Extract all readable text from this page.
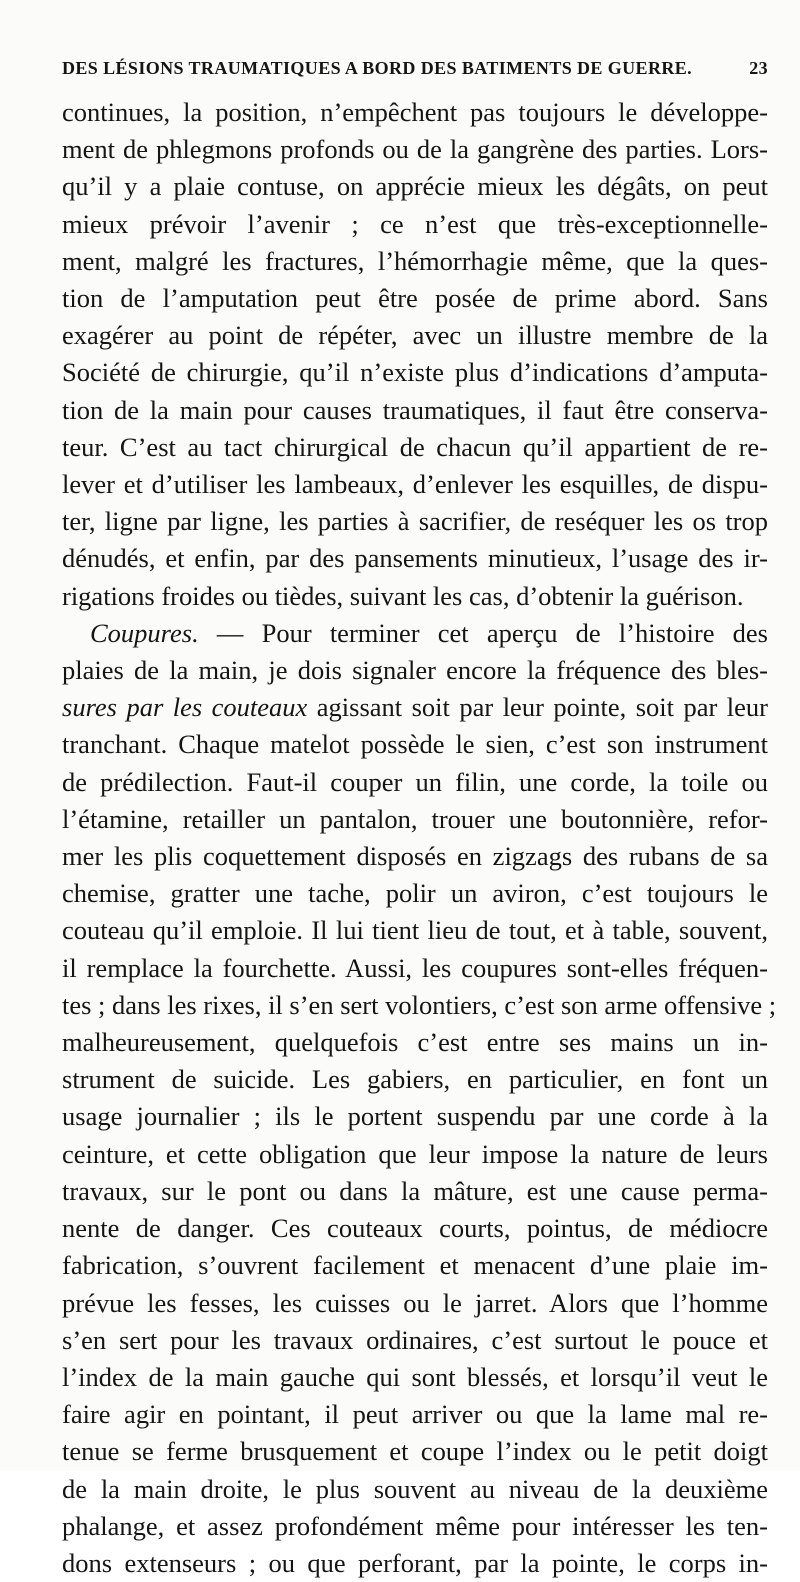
DES LÉSIONS TRAUMATIQUES A BORD DES BATIMENTS DE GUERRE.	23
continues, la position, n’empêchent pas toujours le développe-
ment de phlegmons profonds ou de la gangrène des parties. Lors-
qu’il y a plaie contuse, on apprécie mieux les dégâts, on peut
mieux prévoir l’avenir ; ce n’est que très-exceptionnelle-
ment, malgré les fractures, l’hémorrhagie même, que la ques-
tion de l’amputation peut être posée de prime abord. Sans
exagérer au point de répéter, avec un illustre membre de la
Société de chirurgie, qu’il n’existe plus d’indications d’amputa-
tion de la main pour causes traumatiques, il faut être conserva-
teur. C’est au tact chirurgical de chacun qu’il appartient de re-
lever et d’utiliser les lambeaux, d’enlever les esquilles, de dispu-
ter, ligne par ligne, les parties à sacrifier, de reséquer les os trop
dénudés, et enfin, par des pansements minutieux, l’usage des ir-
rigations froides ou tièdes, suivant les cas, d’obtenir la guérison.
Coupures. — Pour terminer cet aperçu de l’histoire des
plaies de la main, je dois signaler encore la fréquence des bles-
sures par les couteaux agissant soit par leur pointe, soit par leur
tranchant. Chaque matelot possède le sien, c’est son instrument
de prédilection. Faut-il couper un filin, une corde, la toile ou
l’étamine, retailler un pantalon, trouer une boutonnière, refor-
mer les plis coquettement disposés en zigzags des rubans de sa
chemise, gratter une tache, polir un aviron, c’est toujours le
couteau qu’il emploie. Il lui tient lieu de tout, et à table, souvent,
il remplace la fourchette. Aussi, les coupures sont-elles fréquen-
tes ; dans les rixes, il s’en sert volontiers, c’est son arme offensive ;
malheureusement, quelquefois c’est entre ses mains un in-
strument de suicide. Les gabiers, en particulier, en font un
usage journalier ; ils le portent suspendu par une corde à la
ceinture, et cette obligation que leur impose la nature de leurs
travaux, sur le pont ou dans la mâture, est une cause perma-
nente de danger. Ces couteaux courts, pointus, de médiocre
fabrication, s’ouvrent facilement et menacent d’une plaie im-
prévue les fesses, les cuisses ou le jarret. Alors que l’homme
s’en sert pour les travaux ordinaires, c’est surtout le pouce et
l’index de la main gauche qui sont blessés, et lorsqu’il veut le
faire agir en pointant, il peut arriver ou que la lame mal re-
tenue se ferme brusquement et coupe l’index ou le petit doigt
de la main droite, le plus souvent au niveau de la deuxième
phalange, et assez profondément même pour intéresser les ten-
dons extenseurs ; ou que perforant, par la pointe, le corps in-
